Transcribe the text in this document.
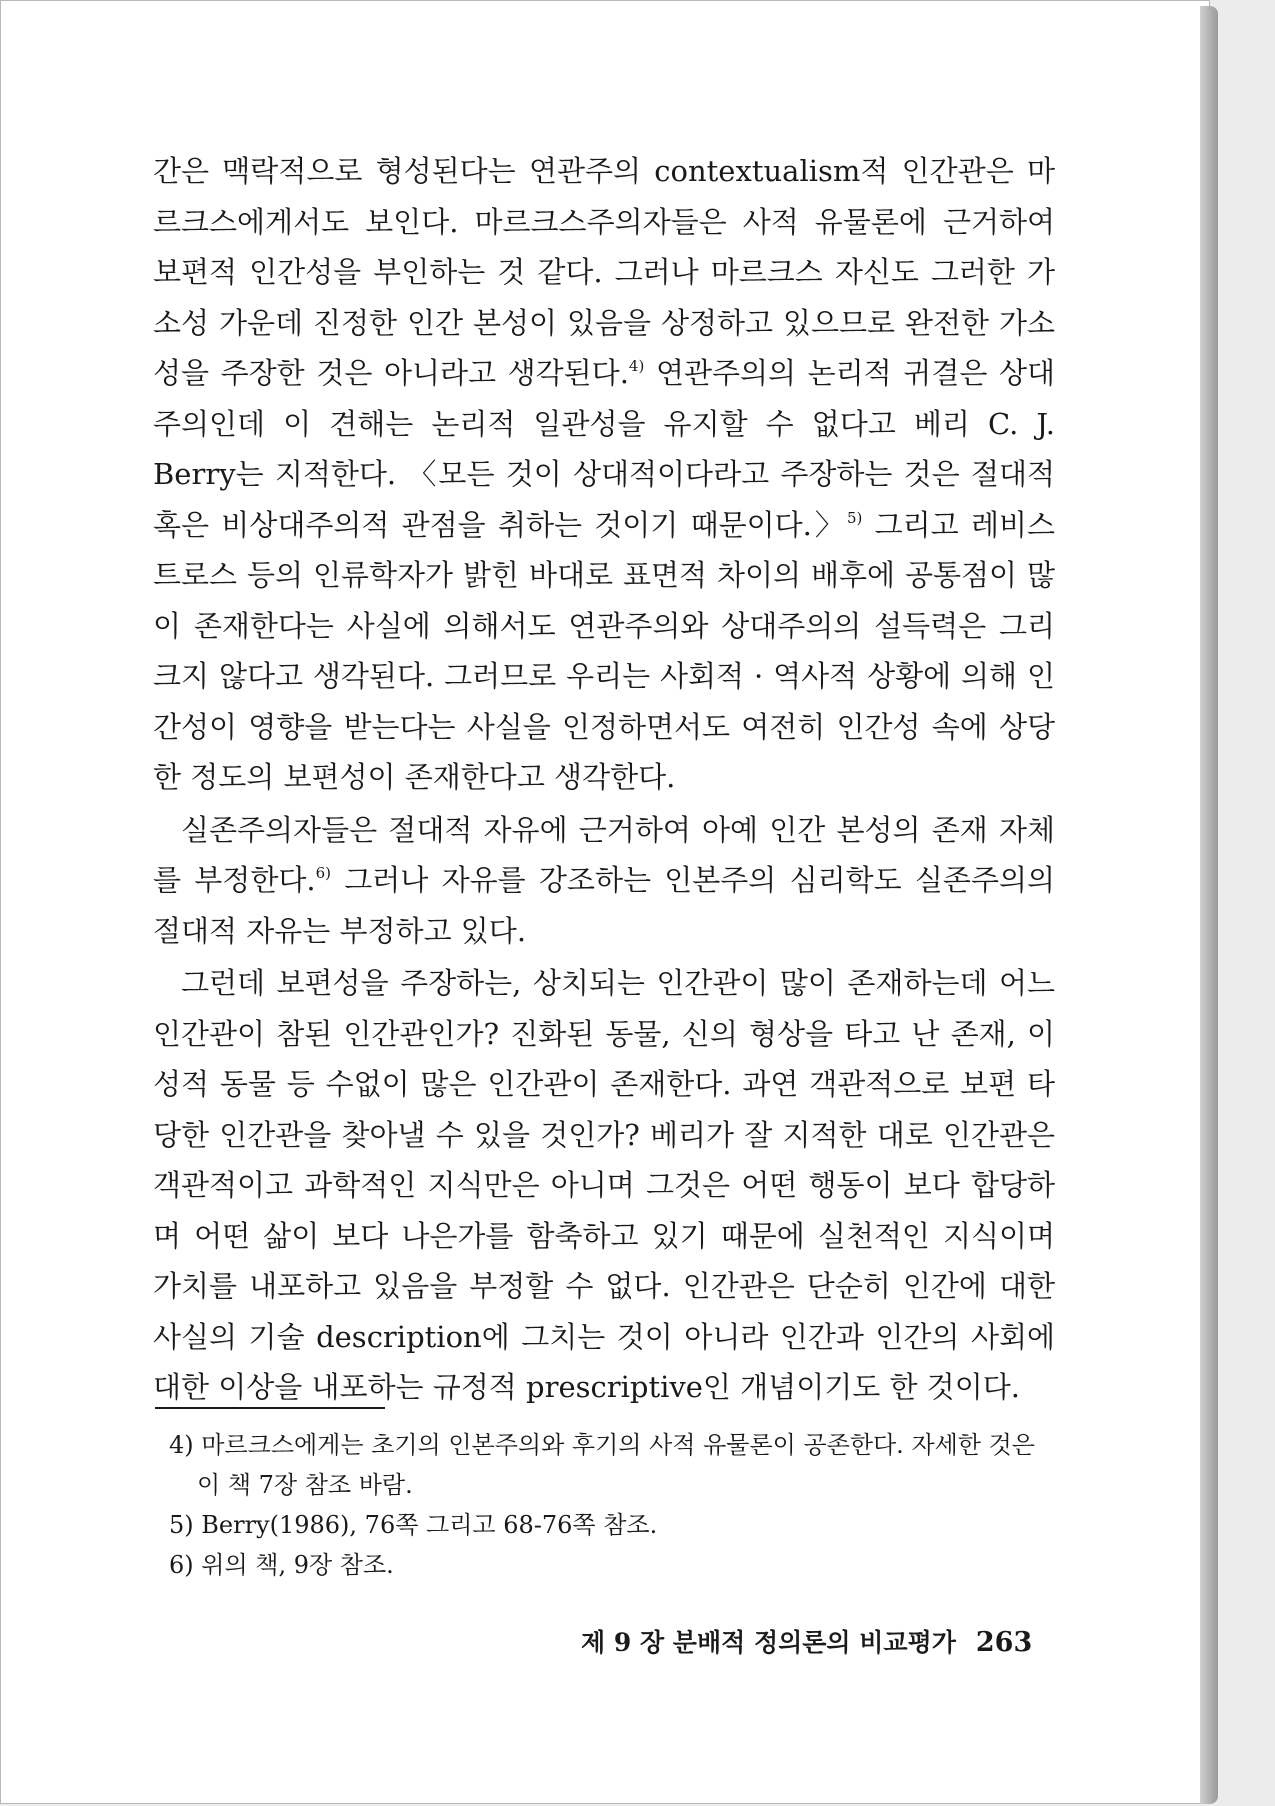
간은 맥락적으로 형성된다는 연관주의 contextualism적 인간관은 마르크스에게서도 보인다. 마르크스주의자들은 사적 유물론에 근거하여 보편적 인간성을 부인하는 것 같다. 그러나 마르크스 자신도 그러한 가소성 가운데 진정한 인간 본성이 있음을 상정하고 있으므로 완전한 가소성을 주장한 것은 아니라고 생각된다.$^{4)}$ 연관주의의 논리적 귀결은 상대주의인데 이 견해는 논리적 일관성을 유지할 수 없다고 베리 C. J. Berry는 지적한다. 〈모든 것이 상대적이다라고 주장하는 것은 절대적 혹은 비상대주의적 관점을 취하는 것이기 때문이다.〉$^{5)}$ 그리고 레비스트로스 등의 인류학자가 밝힌 바대로 표면적 차이의 배후에 공통점이 많이 존재한다는 사실에 의해서도 연관주의와 상대주의의 설득력은 그리 크지 않다고 생각된다. 그러므로 우리는 사회적 · 역사적 상황에 의해 인간성이 영향을 받는다는 사실을 인정하면서도 여전히 인간성 속에 상당한 정도의 보편성이 존재한다고 생각한다.

실존주의자들은 절대적 자유에 근거하여 아예 인간 본성의 존재 자체를 부정한다.$^{6)}$ 그러나 자유를 강조하는 인본주의 심리학도 실존주의의 절대적 자유는 부정하고 있다.

그런데 보편성을 주장하는, 상치되는 인간관이 많이 존재하는데 어느 인간관이 참된 인간관인가? 진화된 동물, 신의 형상을 타고 난 존재, 이성적 동물 등 수없이 많은 인간관이 존재한다. 과연 객관적으로 보편 타당한 인간관을 찾아낼 수 있을 것인가? 베리가 잘 지적한 대로 인간관은 객관적이고 과학적인 지식만은 아니며 그것은 어떤 행동이 보다 합당하며 어떤 삶이 보다 나은가를 함축하고 있기 때문에 실천적인 지식이며 가치를 내포하고 있음을 부정할 수 없다. 인간관은 단순히 인간에 대한 사실의 기술 description에 그치는 것이 아니라 인간과 인간의 사회에 대한 이상을 내포하는 규정적 prescriptive인 개념이기도 한 것이다.

4) 마르크스에게는 초기의 인본주의와 후기의 사적 유물론이 공존한다. 자세한 것은 이 책 7장 참조 바람.

5) Berry(1986), 76쪽 그리고 68-76쪽 참조.

6) 위의 책, 9장 참조.

제 9 장 분배적 정의론의 비교평가 263
